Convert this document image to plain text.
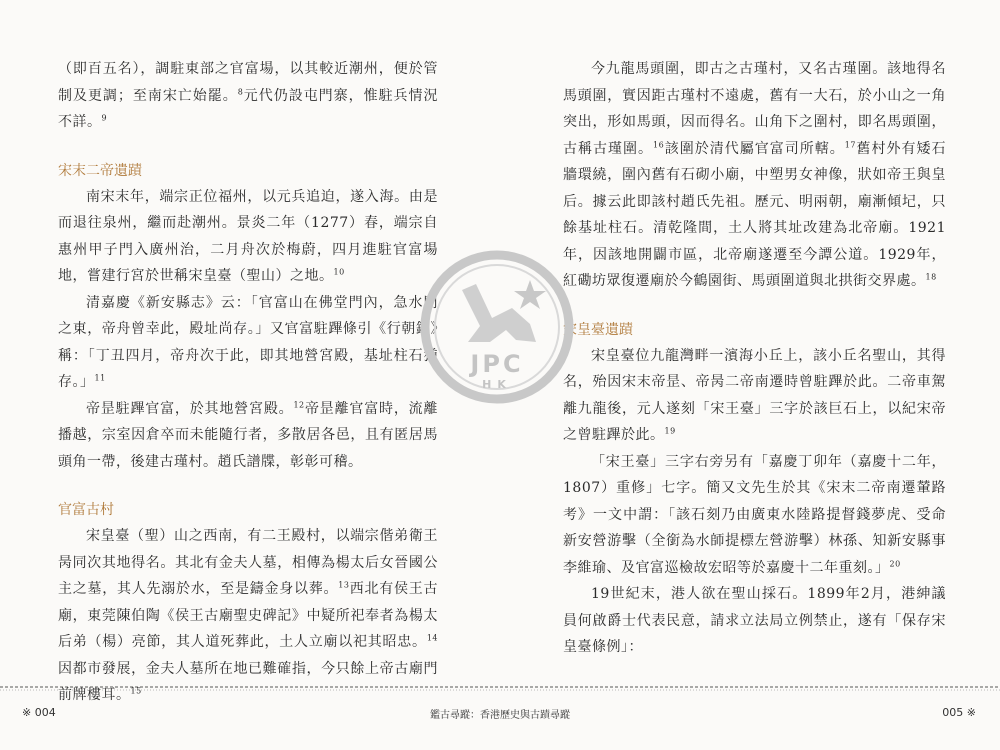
（即百五名），調駐東部之官富場，以其較近潮州，便於管制及更調；至南宋亡始罷。$^8$元代仍設屯門寨，惟駐兵情況不詳。$^9$

宋末二帝遺蹟

南宋末年，端宗正位福州，以元兵追迫，遂入海。由是而退往泉州，繼而赴潮州。景炎二年（1277）春，端宗自惠州甲子門入廣州治，二月舟次於梅蔚，四月進駐官富場地，嘗建行宮於世稱宋皇臺（聖山）之地。$^{10}$

清嘉慶《新安縣志》云：「官富山在佛堂門內，急水門之東，帝舟曾幸此，殿址尚存。」又官富駐蹕條引《行朝錄》稱：「丁丑四月，帝舟次于此，即其地營宮殿，基址柱石猶存。」$^{11}$

帝昰駐蹕官富，於其地營宮殿。$^{12}$帝昰離官富時，流離播越，宗室因倉卒而未能隨行者，多散居各邑，且有匿居馬頭角一帶，後建古瑾村。趙氏譜牒，彰彰可稽。

官富古村

宋皇臺（聖）山之西南，有二王殿村，以端宗偕弟衛王昺同次其地得名。其北有金夫人墓，相傳為楊太后女晉國公主之墓，其人先溺於水，至是鑄金身以葬。$^{13}$西北有侯王古廟，東莞陳伯陶《侯王古廟聖史碑記》中疑所祀奉者為楊太后弟（楊）亮節，其人道死葬此，土人立廟以祀其昭忠。$^{14}$因都市發展，金夫人墓所在地已難確指，今只餘上帝古廟門前牌樓耳。$^{15}$

今九龍馬頭圍，即古之古瑾村，又名古瑾圍。該地得名馬頭圍，實因距古瑾村不遠處，舊有一大石，於小山之一角突出，形如馬頭，因而得名。山角下之圍村，即名馬頭圍，古稱古瑾圍。$^{16}$該圍於清代屬官富司所轄。$^{17}$舊村外有矮石牆環繞，圍內舊有石砌小廟，中塑男女神像，狀如帝王與皇后。據云此即該村趙氏先祖。歷元、明兩朝，廟漸傾圮，只餘基址柱石。清乾隆間，土人將其址改建為北帝廟。1921年，因該地開闢市區，北帝廟遂遷至今譚公道。1929年，紅磡坊眾復遷廟於今鶴園街、馬頭圍道與北拱街交界處。$^{18}$

宋皇臺遺蹟

宋皇臺位九龍灣畔一濱海小丘上，該小丘名聖山，其得名，殆因宋末帝昰、帝昺二帝南遷時曾駐蹕於此。二帝車駕離九龍後，元人遂刻「宋王臺」三字於該巨石上，以紀宋帝之曾駐蹕於此。$^{19}$

「宋王臺」三字右旁另有「嘉慶丁卯年（嘉慶十二年，1807）重修」七字。簡又文先生於其《宋末二帝南遷輦路考》一文中謂：「該石刻乃由廣東水陸路提督錢夢虎、受命新安營游擊（全銜為水師提標左營游擊）林孫、知新安縣事李維瑜、及官富巡檢故宏昭等於嘉慶十二年重刻。」$^{20}$

19世紀末，港人欲在聖山採石。1899年2月，港紳議員何啟爵士代表民意，請求立法局立例禁止，遂有「保存宋皇臺條例」：

JPC
HK
※ 004	鑑古尋蹤：香港歷史與古蹟尋蹤	005 ※
